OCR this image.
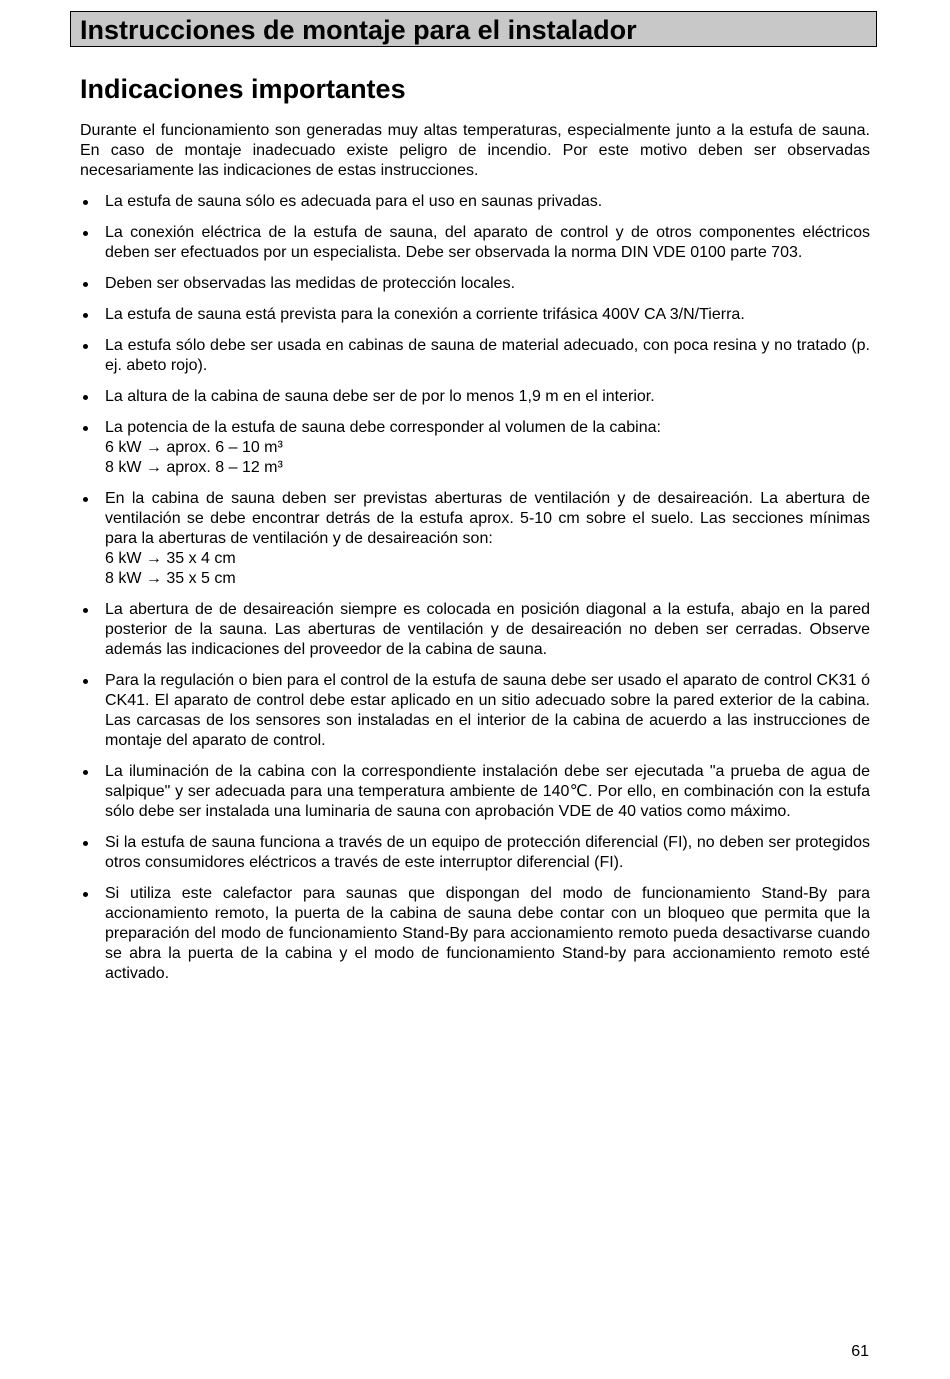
Instrucciones de montaje para el instalador
Indicaciones importantes

Durante el funcionamiento son generadas muy altas temperaturas, especialmente junto a la estufa de sauna. En caso de montaje inadecuado existe peligro de incendio. Por este motivo deben ser observadas necesariamente las indicaciones de estas instrucciones.

La estufa de sauna sólo es adecuada para el uso en saunas privadas.
La conexión eléctrica de la estufa de sauna, del aparato de control y de otros componentes eléctricos deben ser efectuados por un especialista. Debe ser observada la norma DIN VDE 0100 parte 703.
Deben ser observadas las medidas de protección locales.
La estufa de sauna está prevista para la conexión a corriente trifásica 400V CA 3/N/Tierra.
La estufa sólo debe ser usada en cabinas de sauna de material adecuado, con poca resina y no tratado (p. ej. abeto rojo).
La altura de la cabina de sauna debe ser de por lo menos 1,9 m en el interior.
La potencia de la estufa de sauna debe corresponder al volumen de la cabina:
6 kW → aprox. 6 – 10 m³
8 kW → aprox. 8 – 12 m³
En la cabina de sauna deben ser previstas aberturas de ventilación y de desaireación. La abertura de ventilación se debe encontrar detrás de la estufa aprox. 5-10 cm sobre el suelo. Las secciones mínimas para la aberturas de ventilación y de desaireación son:
6 kW → 35 x 4 cm
8 kW → 35 x 5 cm
La abertura de de desaireación siempre es colocada en posición diagonal a la estufa, abajo en la pared posterior de la sauna. Las aberturas de ventilación y de desaireación no deben ser cerradas. Observe además las indicaciones del proveedor de la cabina de sauna.
Para la regulación o bien para el control de la estufa de sauna debe ser usado el aparato de control CK31 ó CK41. El aparato de control debe estar aplicado en un sitio adecuado sobre la pared exterior de la cabina. Las carcasas de los sensores son instaladas en el interior de la cabina de acuerdo a las instrucciones de montaje del aparato de control.
La iluminación de la cabina con la correspondiente instalación debe ser ejecutada "a prueba de agua de salpique" y ser adecuada para una temperatura ambiente de 140℃. Por ello, en combinación con la estufa sólo debe ser instalada una luminaria de sauna con aprobación VDE de 40 vatios como máximo.
Si la estufa de sauna funciona a través de un equipo de protección diferencial (FI), no deben ser protegidos otros consumidores eléctricos a través de este interruptor diferencial (FI).
Si utiliza este calefactor para saunas que dispongan del modo de funcionamiento Stand-By para accionamiento remoto, la puerta de la cabina de sauna debe contar con un bloqueo que permita que la preparación del modo de funcionamiento Stand-By para accionamiento remoto pueda desactivarse cuando se abra la puerta de la cabina y el modo de funcionamiento Stand-by para accionamiento remoto esté activado.
61
